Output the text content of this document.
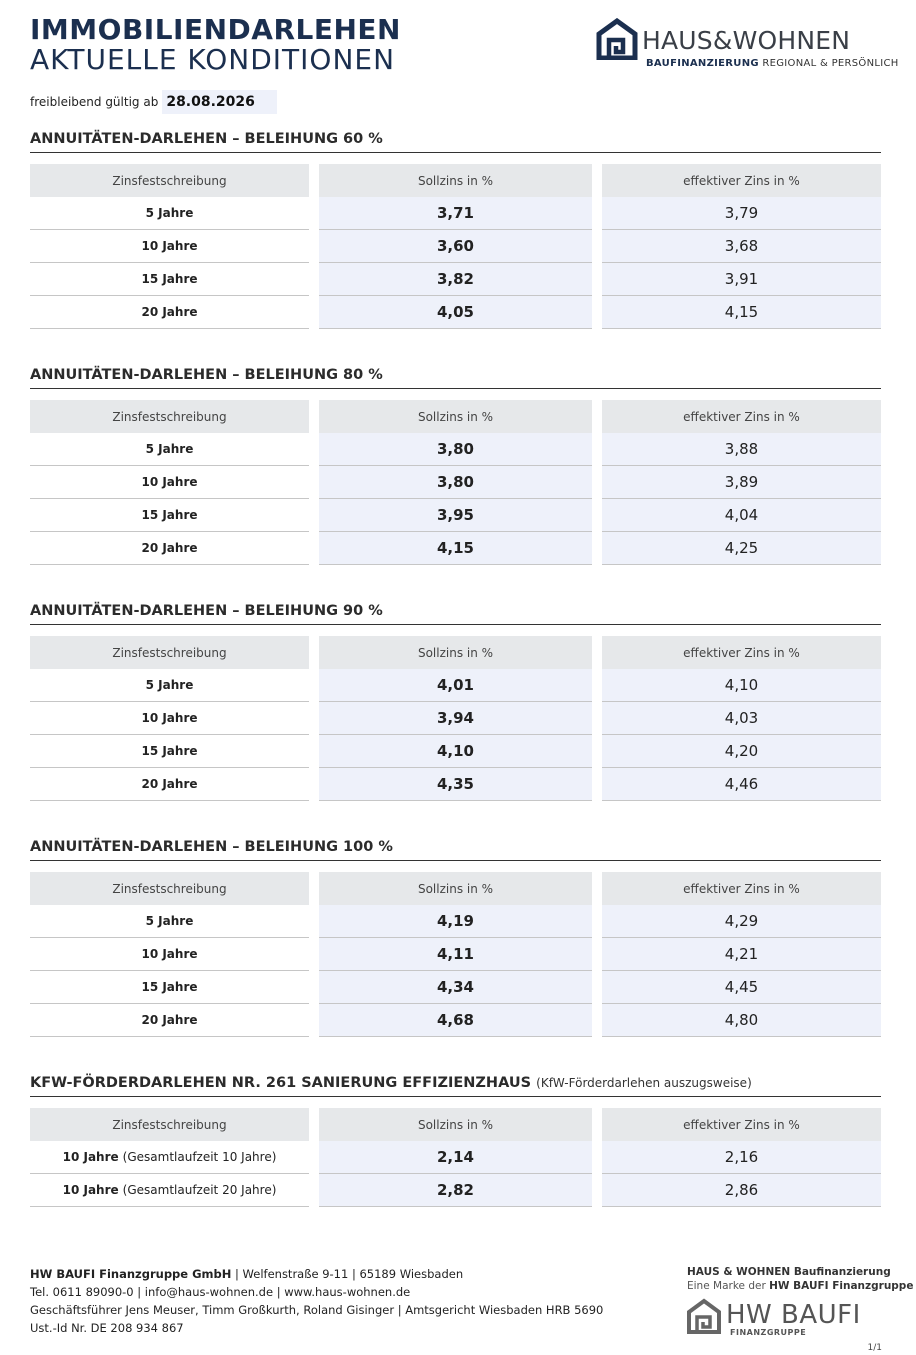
IMMOBILIENDARLEHEN
AKTUELLE KONDITIONEN
freibleibend gültig ab 28.08.2026
HAUS&WOHNEN
BAUFINANZIERUNG REGIONAL & PERSÖNLICH
ANNUITÄTEN-DARLEHEN – BELEIHUNG 60 %
Zinsfestschreibung	Sollzins in %	effektiver Zins in %
5 Jahre	3,71	3,79
10 Jahre	3,60	3,68
15 Jahre	3,82	3,91
20 Jahre	4,05	4,15
ANNUITÄTEN-DARLEHEN – BELEIHUNG 80 %
Zinsfestschreibung	Sollzins in %	effektiver Zins in %
5 Jahre	3,80	3,88
10 Jahre	3,80	3,89
15 Jahre	3,95	4,04
20 Jahre	4,15	4,25
ANNUITÄTEN-DARLEHEN – BELEIHUNG 90 %
Zinsfestschreibung	Sollzins in %	effektiver Zins in %
5 Jahre	4,01	4,10
10 Jahre	3,94	4,03
15 Jahre	4,10	4,20
20 Jahre	4,35	4,46
ANNUITÄTEN-DARLEHEN – BELEIHUNG 100 %
Zinsfestschreibung	Sollzins in %	effektiver Zins in %
5 Jahre	4,19	4,29
10 Jahre	4,11	4,21
15 Jahre	4,34	4,45
20 Jahre	4,68	4,80
KFW-FÖRDERDARLEHEN NR. 261 SANIERUNG EFFIZIENZHAUS (KfW-Förderdarlehen auszugsweise)
Zinsfestschreibung	Sollzins in %	effektiver Zins in %
10 Jahre (Gesamtlaufzeit 10 Jahre)	2,14	2,16
10 Jahre (Gesamtlaufzeit 20 Jahre)	2,82	2,86
HW BAUFI Finanzgruppe GmbH | Welfenstraße 9-11 | 65189 Wiesbaden
Tel. 0611 89090-0 | info@haus-wohnen.de | www.haus-wohnen.de
Geschäftsführer Jens Meuser, Timm Großkurth, Roland Gisinger | Amtsgericht Wiesbaden HRB 5690
Ust.-Id Nr. DE 208 934 867
HAUS & WOHNEN Baufinanzierung
Eine Marke der HW BAUFI Finanzgruppe
HW BAUFI
FINANZGRUPPE
1/1
